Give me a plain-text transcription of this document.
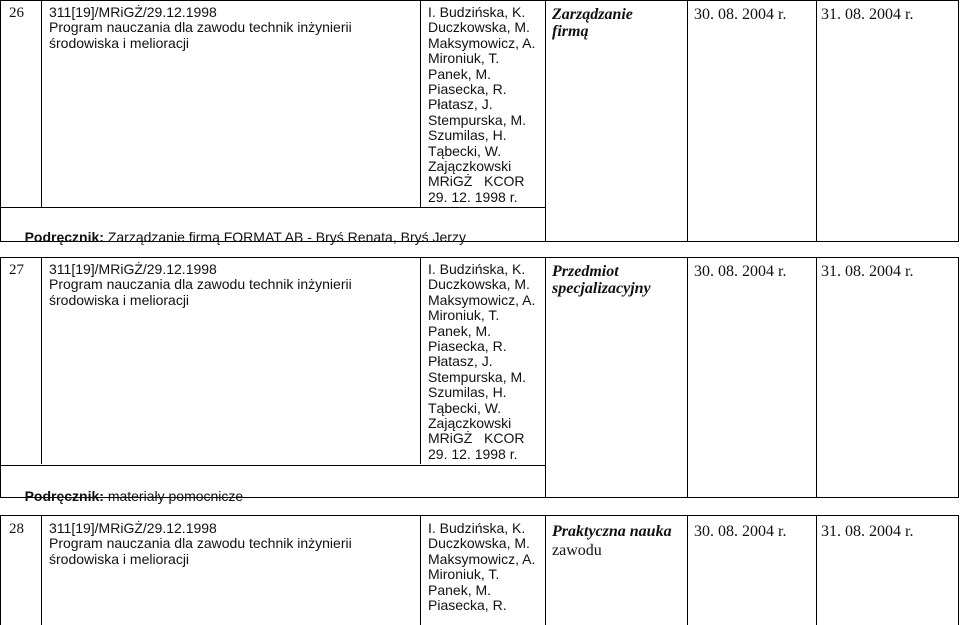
26 311[19]/MRiGŻ/29.12.1998
Program nauczania dla zawodu technik inżynierii
środowiska i melioracji
I. Budzińska, K.
Duczkowska, M.
Maksymowicz, A.
Mironiuk, T.
Panek, M.
Piasecka, R.
Płatasz, J.
Stempurska, M.
Szumilas, H.
Tąbecki, W.
Zajączkowski
MRiGŻ   KCOR
29. 12. 1998 r.
Zarządzanie
firmą
30. 08. 2004 r. 31. 08. 2004 r.

Podręcznik: Zarządzanie firmą FORMAT AB - Bryś Renata, Bryś Jerzy

27 311[19]/MRiGŻ/29.12.1998
Program nauczania dla zawodu technik inżynierii
środowiska i melioracji
I. Budzińska, K.
Duczkowska, M.
Maksymowicz, A.
Mironiuk, T.
Panek, M.
Piasecka, R.
Płatasz, J.
Stempurska, M.
Szumilas, H.
Tąbecki, W.
Zajączkowski
MRiGŻ   KCOR
29. 12. 1998 r.
Przedmiot
specjalizacyjny
30. 08. 2004 r. 31. 08. 2004 r.

Podręcznik: materiały pomocnicze

28 311[19]/MRiGŻ/29.12.1998
Program nauczania dla zawodu technik inżynierii
środowiska i melioracji
I. Budzińska, K.
Duczkowska, M.
Maksymowicz, A.
Mironiuk, T.
Panek, M.
Piasecka, R.
Praktyczna nauka
zawodu
30. 08. 2004 r. 31. 08. 2004 r.
